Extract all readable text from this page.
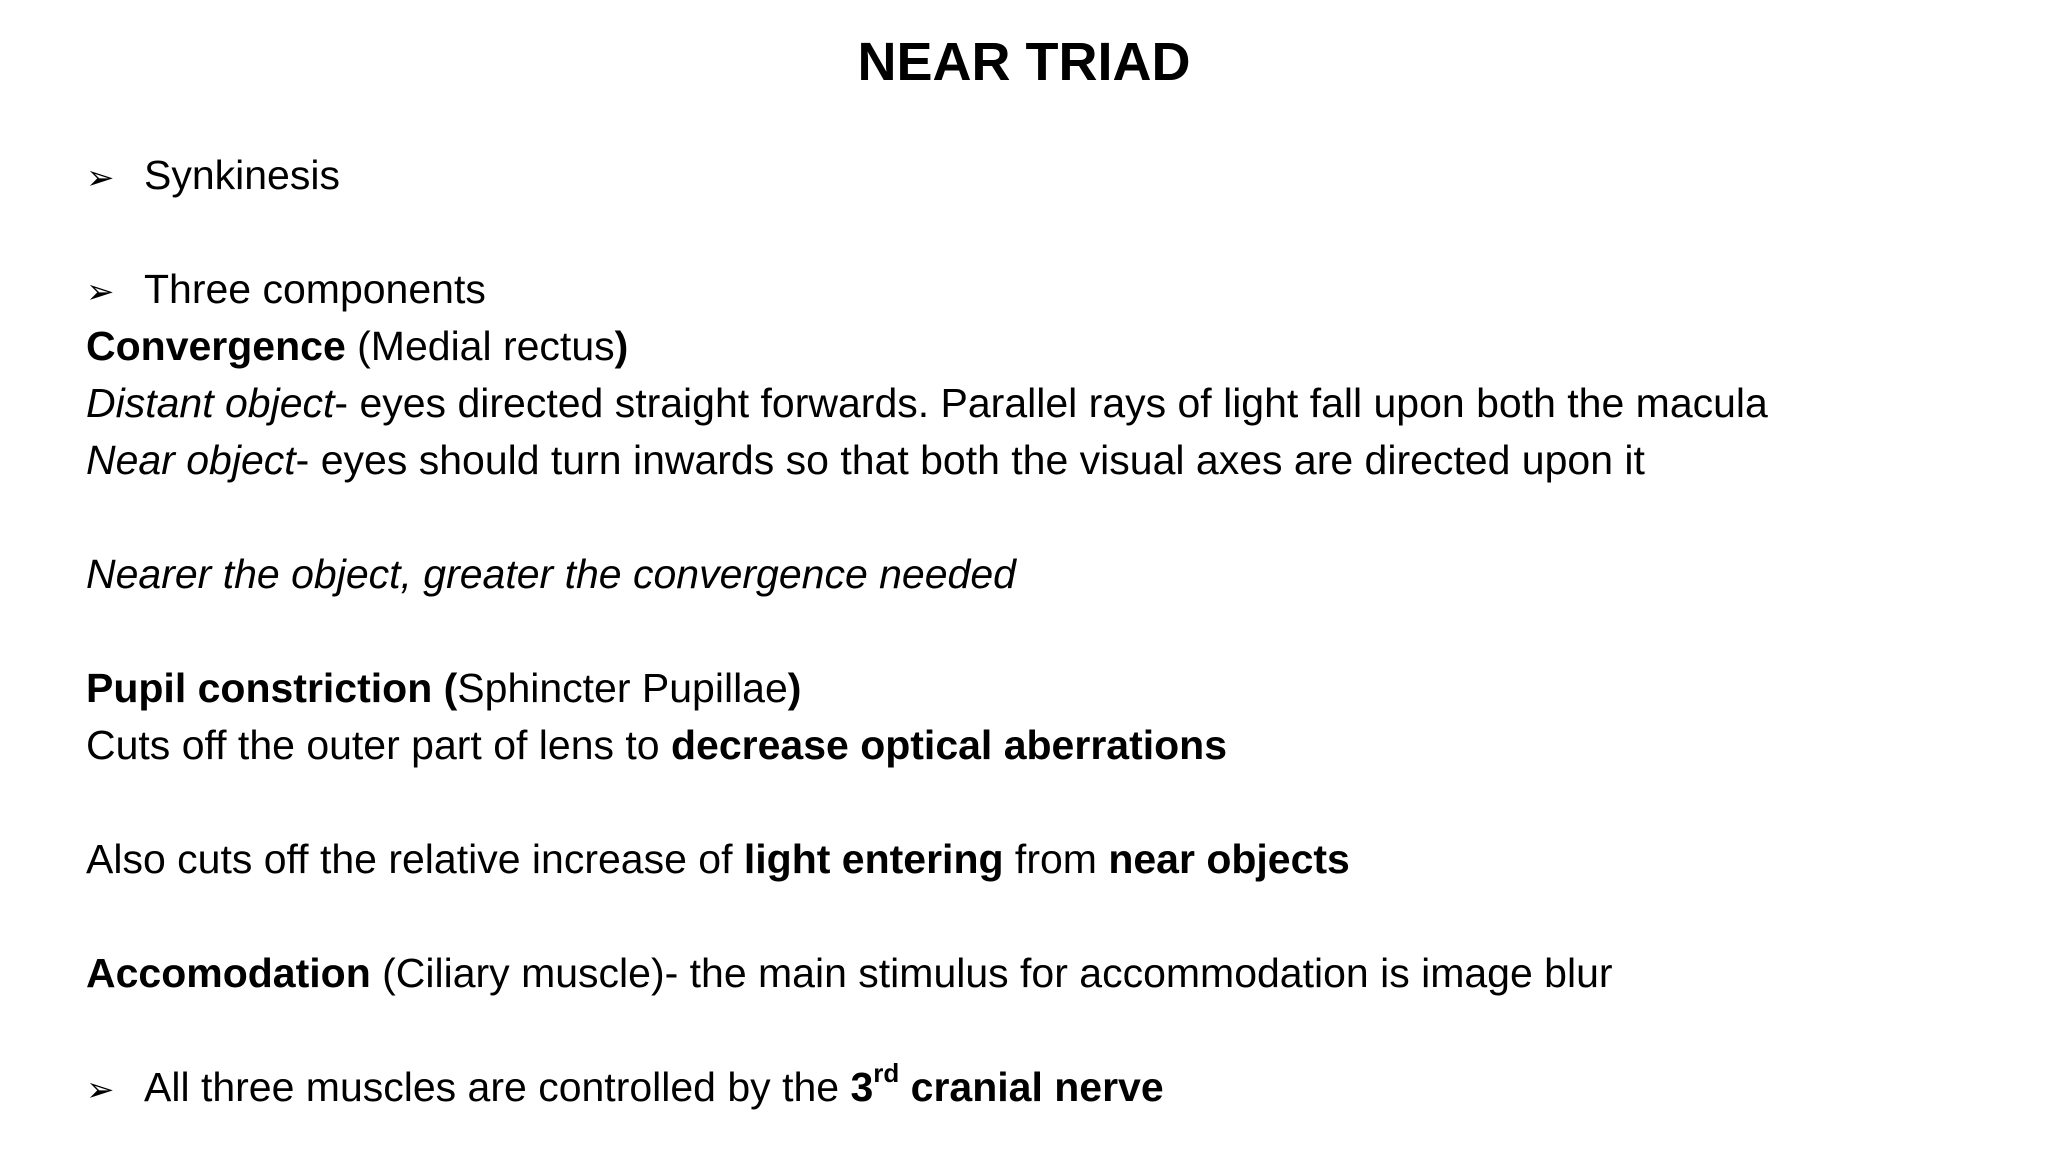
NEAR TRIAD
➢ Synkinesis
➢ Three components
Convergence (Medial rectus)
Distant object- eyes directed straight forwards. Parallel rays of light fall upon both the macula
Near object- eyes should turn inwards so that both the visual axes are directed upon it
Nearer the object, greater the convergence needed
Pupil constriction (Sphincter Pupillae)
Cuts off the outer part of lens to decrease optical aberrations
Also cuts off the relative increase of light entering from near objects
Accomodation (Ciliary muscle)- the main stimulus for accommodation is image blur
➢ All three muscles are controlled by the 3rd cranial nerve
